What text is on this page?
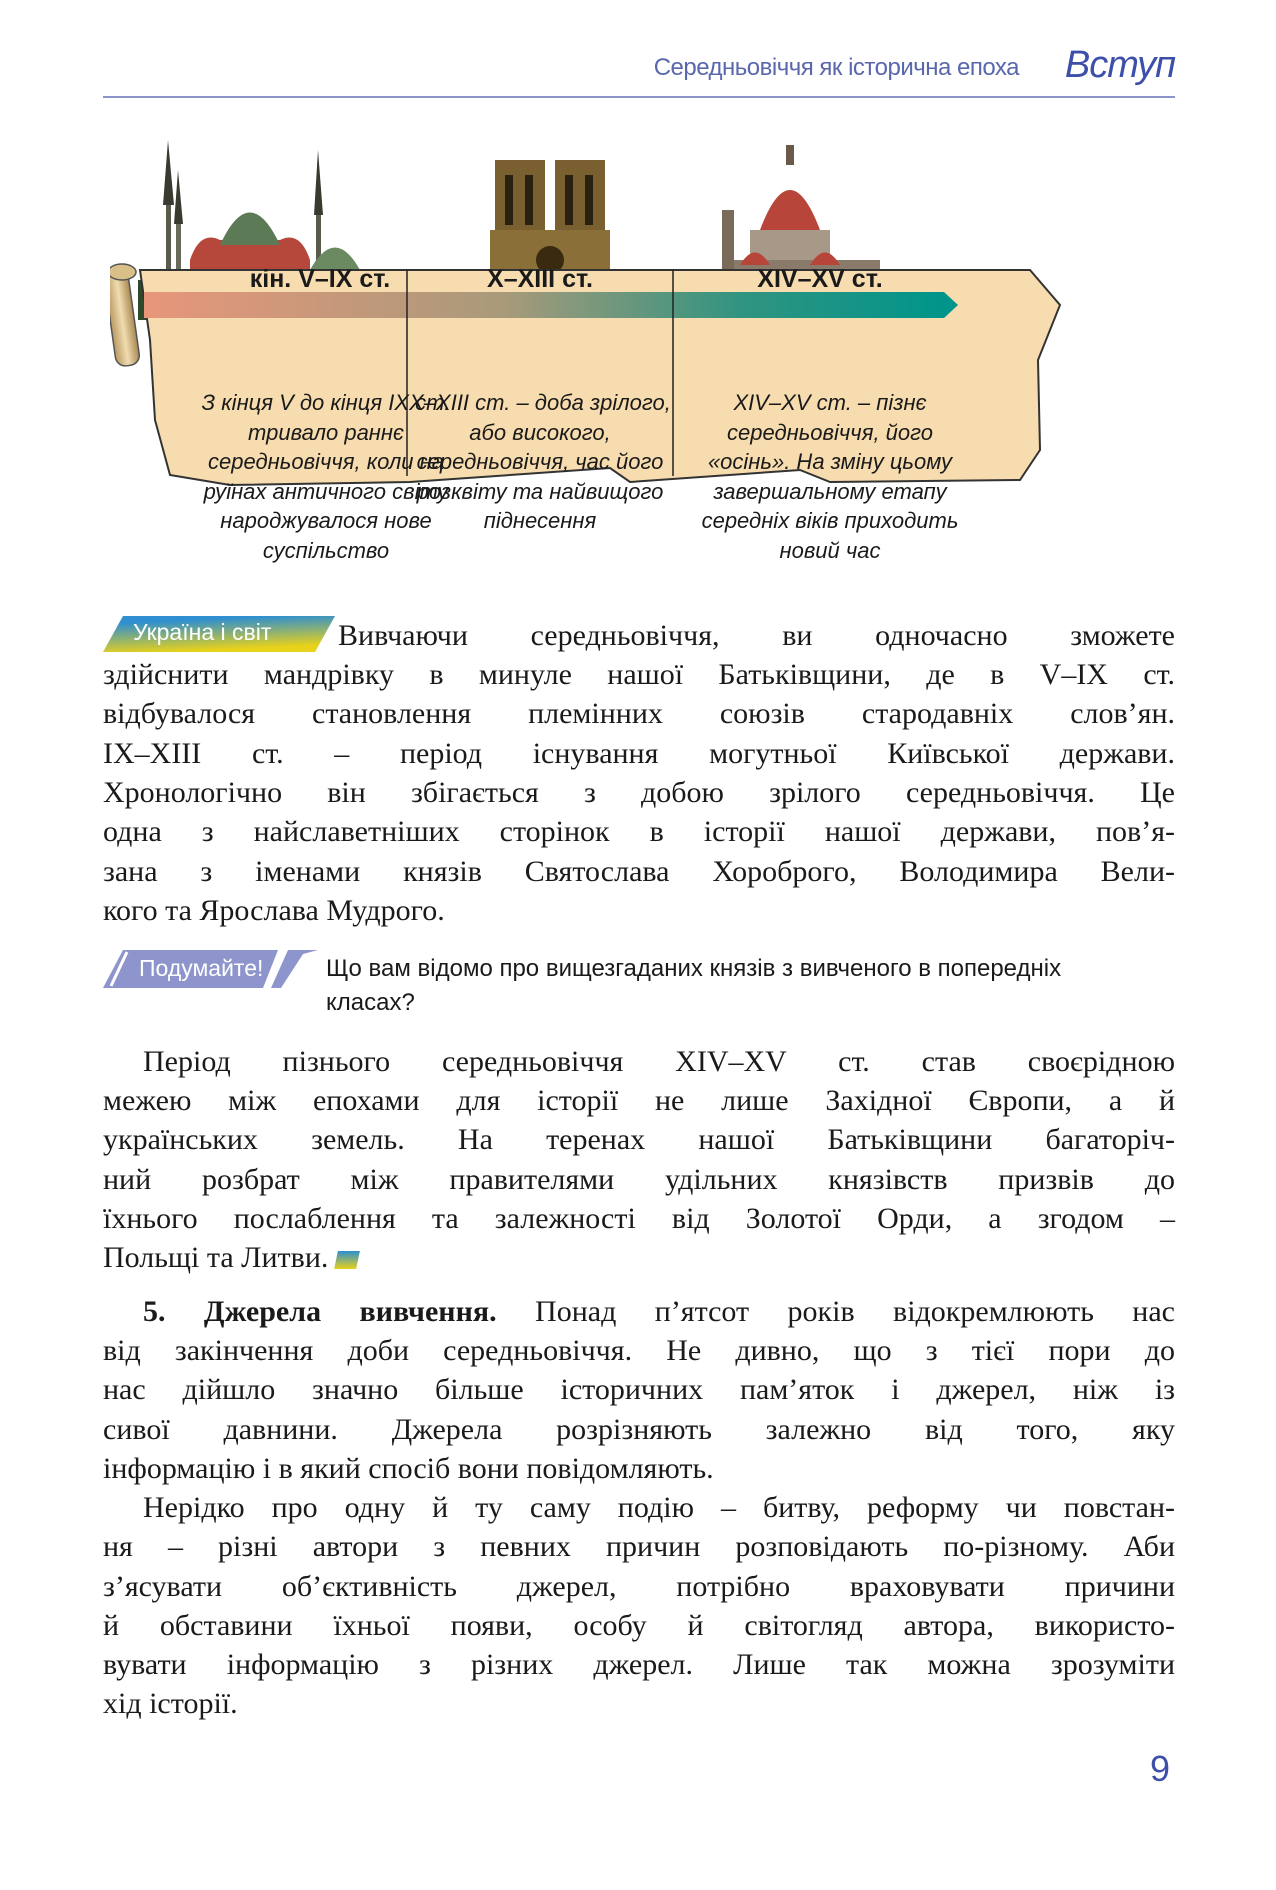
Середньовіччя як історична епоха Вступ
кін. V–IX ст.	X–XIII ст.	XIV–XV ст.
З кінця V до кінця IX ст.
тривало раннє
середньовіччя, коли на
руїнах античного світу
народжувалося нове
суспільство
X–XIII ст. – доба зрілого,
або високого,
середньовіччя, час його
розквіту та найвищого
піднесення
XIV–XV ст. – пізнє
середньовіччя, його
«осінь». На зміну цьому
завершальному етапу
середніх віків приходить
новий час
Україна і світ Вивчаючи середньовіччя, ви одночасно зможете
здійснити мандрівку в минуле нашої Батьківщини, де в V–IX ст.
відбувалося становлення племінних союзів стародавніх слов’ян.
IX–XIII ст. – період існування могутньої Київської держави.
Хронологічно він збігається з добою зрілого середньовіччя. Це
одна з найславетніших сторінок в історії нашої держави, пов’я-
зана з іменами князів Святослава Хороброго, Володимира Вели-
кого та Ярослава Мудрого.
Подумайте!	Що вам відомо про вищезгаданих князів з вивченого в попередніх
класах?
Період пізнього середньовіччя XIV–XV ст. став своєрідною
межею між епохами для історії не лише Західної Європи, а й
українських земель. На теренах нашої Батьківщини багаторіч-
ний розбрат між правителями удільних князівств призвів до
їхнього послаблення та залежності від Золотої Орди, а згодом –
Польщі та Литви.
5. Джерела вивчення. Понад п’ятсот років відокремлюють нас
від закінчення доби середньовіччя. Не дивно, що з тієї пори до
нас дійшло значно більше історичних пам’яток і джерел, ніж із
сивої давнини. Джерела розрізняють залежно від того, яку
інформацію і в який спосіб вони повідомляють.
Нерідко про одну й ту саму подію – битву, реформу чи повстан-
ня – різні автори з певних причин розповідають по-різному. Аби
з’ясувати об’єктивність джерел, потрібно враховувати причини
й обставини їхньої появи, особу й світогляд автора, використо-
вувати інформацію з різних джерел. Лише так можна зрозуміти
хід історії.
9
